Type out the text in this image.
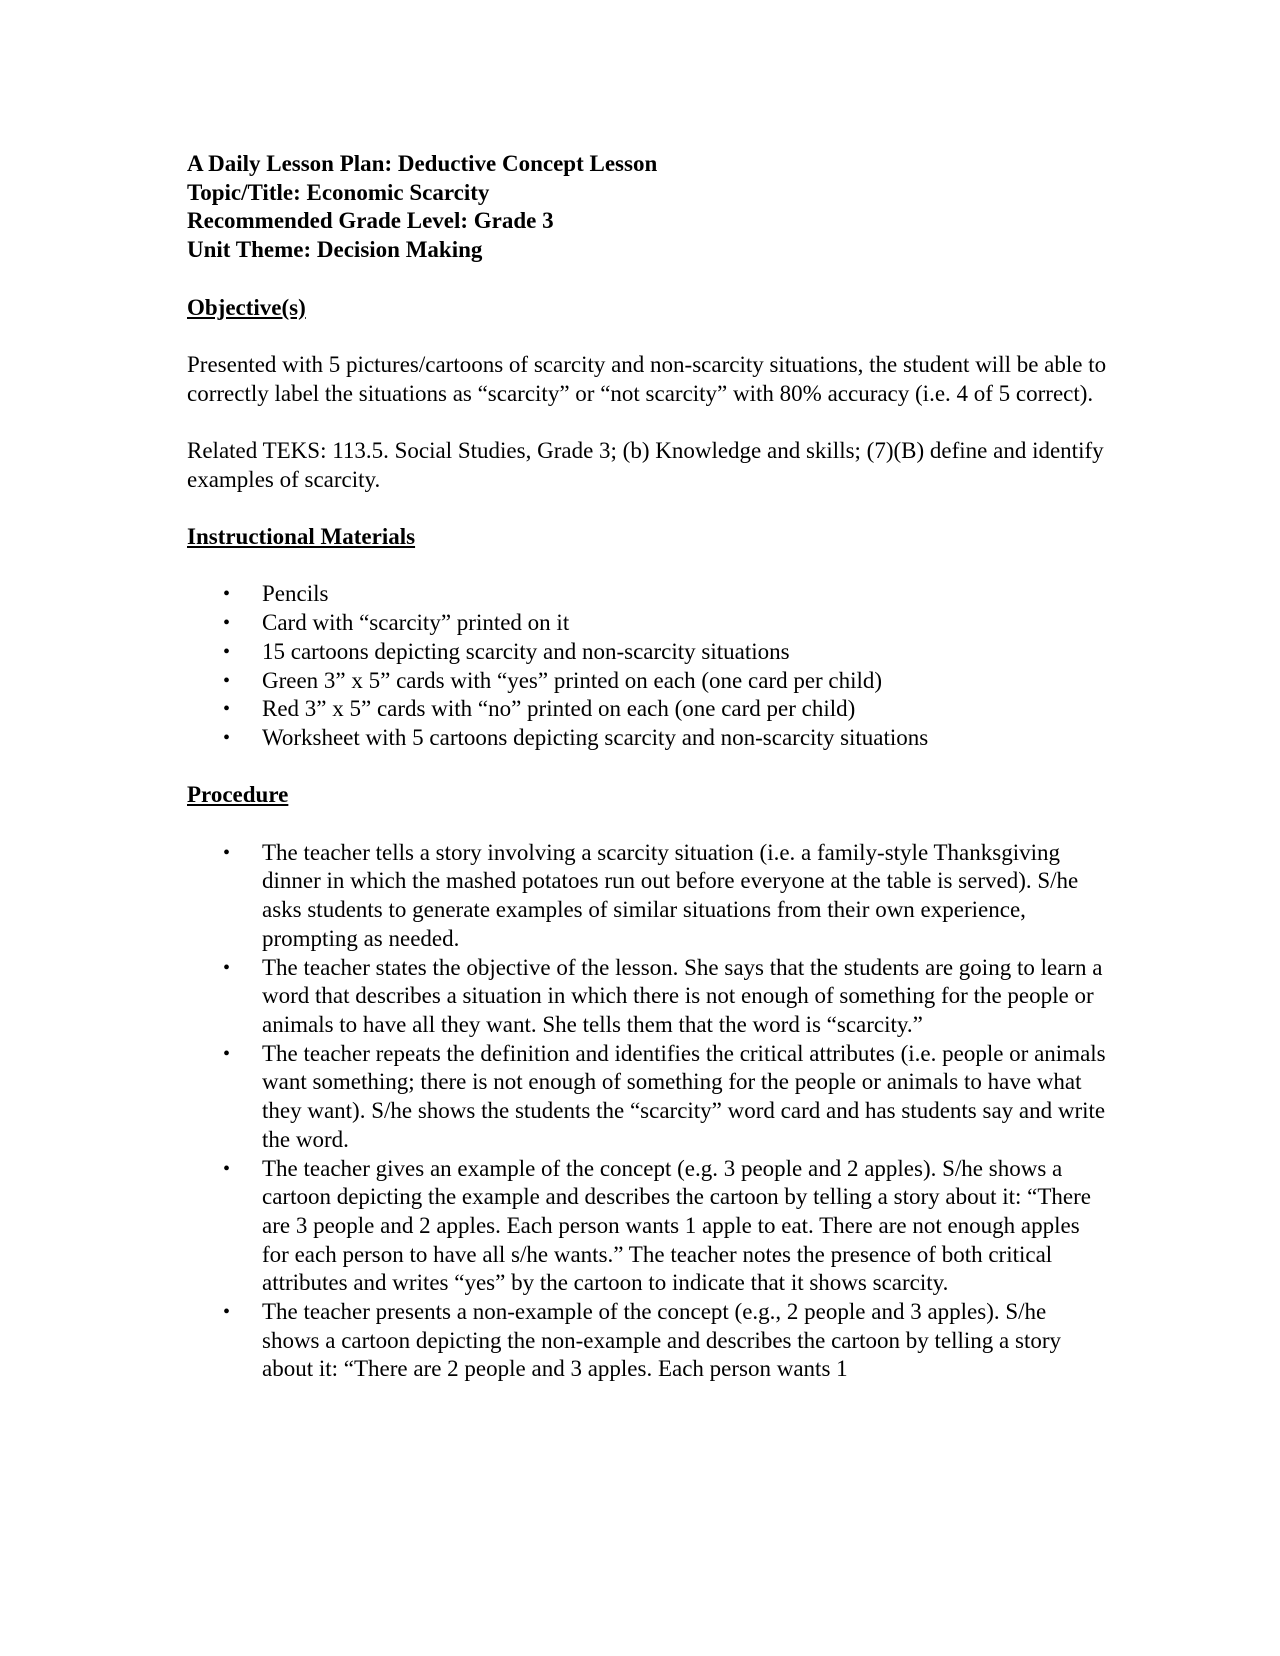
A Daily Lesson Plan: Deductive Concept Lesson

Topic/Title: Economic Scarcity

Recommended Grade Level: Grade 3

Unit Theme: Decision Making

Objective(s)

Presented with 5 pictures/cartoons of scarcity and non-scarcity situations, the student will be able to correctly label the situations as “scarcity” or “not scarcity” with 80% accuracy (i.e. 4 of 5 correct).

Related TEKS: 113.5. Social Studies, Grade 3; (b) Knowledge and skills; (7)(B) define and identify examples of scarcity.

Instructional Materials

• Pencils
• Card with “scarcity” printed on it
• 15 cartoons depicting scarcity and non-scarcity situations
• Green 3” x 5” cards with “yes” printed on each (one card per child)
• Red 3” x 5” cards with “no” printed on each (one card per child)
• Worksheet with 5 cartoons depicting scarcity and non-scarcity situations

Procedure

• The teacher tells a story involving a scarcity situation (i.e. a family-style Thanksgiving dinner in which the mashed potatoes run out before everyone at the table is served). S/he asks students to generate examples of similar situations from their own experience, prompting as needed.
• The teacher states the objective of the lesson. She says that the students are going to learn a word that describes a situation in which there is not enough of something for the people or animals to have all they want. She tells them that the word is “scarcity.”
• The teacher repeats the definition and identifies the critical attributes (i.e. people or animals want something; there is not enough of something for the people or animals to have what they want). S/he shows the students the “scarcity” word card and has students say and write the word.
• The teacher gives an example of the concept (e.g. 3 people and 2 apples). S/he shows a cartoon depicting the example and describes the cartoon by telling a story about it: “There are 3 people and 2 apples. Each person wants 1 apple to eat. There are not enough apples for each person to have all s/he wants.” The teacher notes the presence of both critical attributes and writes “yes” by the cartoon to indicate that it shows scarcity.
• The teacher presents a non-example of the concept (e.g., 2 people and 3 apples). S/he shows a cartoon depicting the non-example and describes the cartoon by telling a story about it: “There are 2 people and 3 apples. Each person wants 1
